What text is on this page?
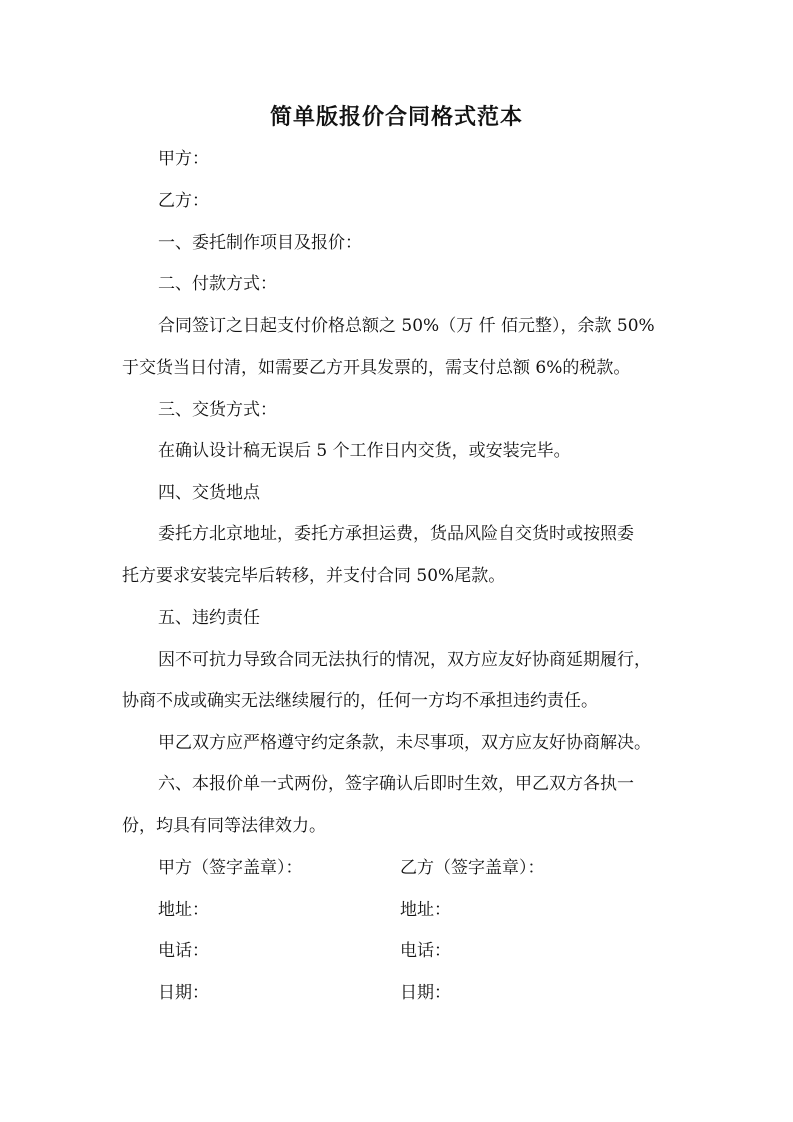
简单版报价合同格式范本
甲方：
乙方：
一、委托制作项目及报价：
二、付款方式：
合同签订之日起支付价格总额之 50%（万 仟 佰元整），余款 50%
于交货当日付清，如需要乙方开具发票的，需支付总额 6%的税款。
三、交货方式：
在确认设计稿无误后 5 个工作日内交货，或安装完毕。
四、交货地点
委托方北京地址，委托方承担运费，货品风险自交货时或按照委
托方要求安装完毕后转移，并支付合同 50%尾款。
五、违约责任
因不可抗力导致合同无法执行的情况，双方应友好协商延期履行，
协商不成或确实无法继续履行的，任何一方均不承担违约责任。
甲乙双方应严格遵守约定条款，未尽事项，双方应友好协商解决。
六、本报价单一式两份，签字确认后即时生效，甲乙双方各执一
份，均具有同等法律效力。
甲方（签字盖章）：	乙方（签字盖章）：
地址：	地址：
电话：	电话：
日期：	日期：
